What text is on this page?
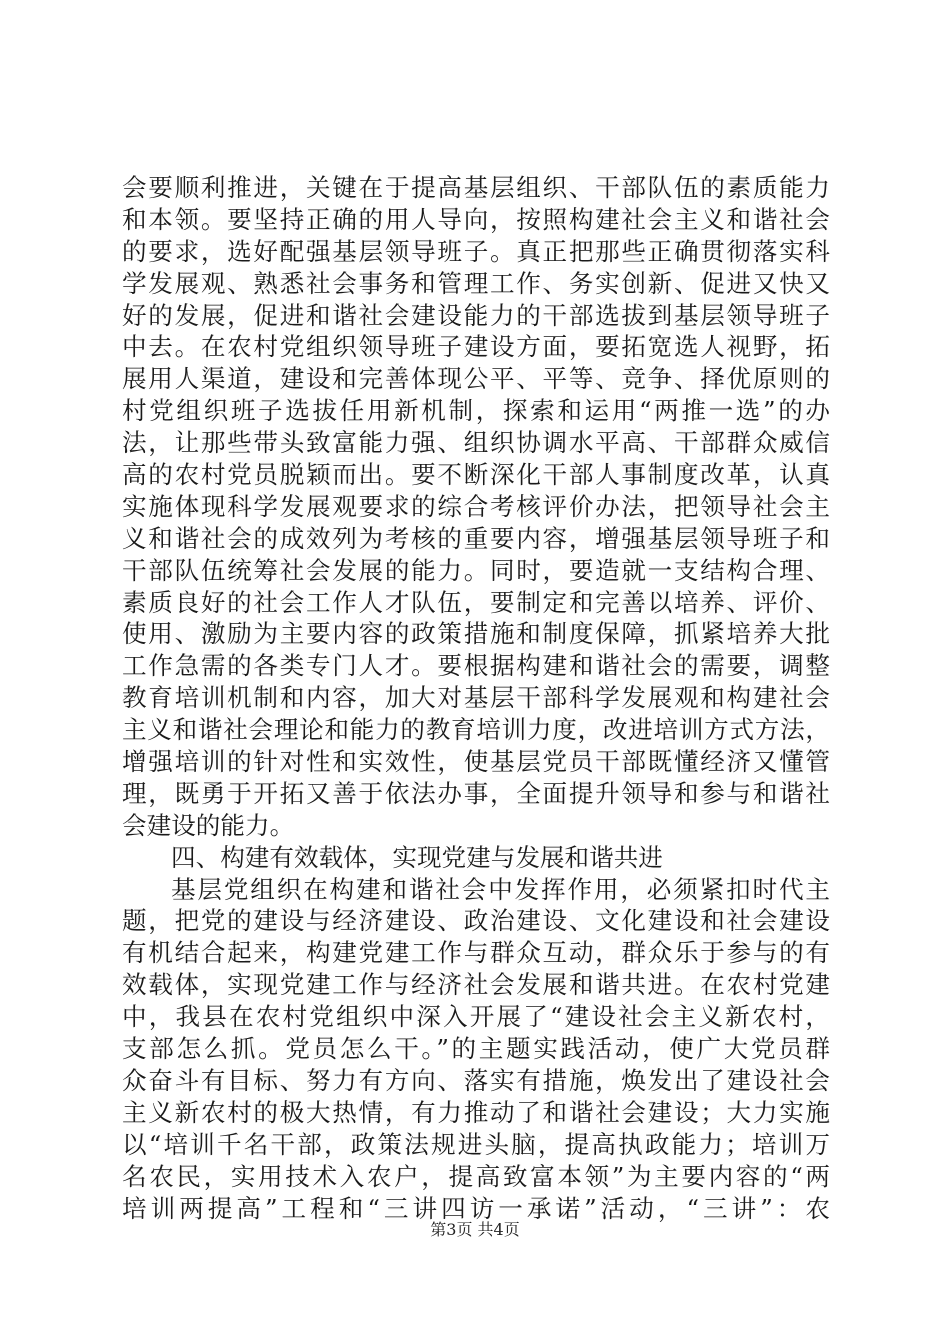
会要顺利推进，关键在于提高基层组织、干部队伍的素质能力
和本领。要坚持正确的用人导向，按照构建社会主义和谐社会
的要求，选好配强基层领导班子。真正把那些正确贯彻落实科
学发展观、熟悉社会事务和管理工作、务实创新、促进又快又
好的发展，促进和谐社会建设能力的干部选拔到基层领导班子
中去。在农村党组织领导班子建设方面，要拓宽选人视野，拓
展用人渠道，建设和完善体现公平、平等、竞争、择优原则的
村党组织班子选拔任用新机制，探索和运用“两推一选”的办
法，让那些带头致富能力强、组织协调水平高、干部群众威信
高的农村党员脱颖而出。要不断深化干部人事制度改革，认真
实施体现科学发展观要求的综合考核评价办法，把领导社会主
义和谐社会的成效列为考核的重要内容，增强基层领导班子和
干部队伍统筹社会发展的能力。同时，要造就一支结构合理、
素质良好的社会工作人才队伍，要制定和完善以培养、评价、
使用、激励为主要内容的政策措施和制度保障，抓紧培养大批
工作急需的各类专门人才。要根据构建和谐社会的需要，调整
教育培训机制和内容，加大对基层干部科学发展观和构建社会
主义和谐社会理论和能力的教育培训力度，改进培训方式方法，
增强培训的针对性和实效性，使基层党员干部既懂经济又懂管
理，既勇于开拓又善于依法办事，全面提升领导和参与和谐社
会建设的能力。
四、构建有效载体，实现党建与发展和谐共进
基层党组织在构建和谐社会中发挥作用，必须紧扣时代主
题，把党的建设与经济建设、政治建设、文化建设和社会建设
有机结合起来，构建党建工作与群众互动，群众乐于参与的有
效载体，实现党建工作与经济社会发展和谐共进。在农村党建
中，我县在农村党组织中深入开展了“建设社会主义新农村，
支部怎么抓。党员怎么干。”的主题实践活动，使广大党员群
众奋斗有目标、努力有方向、落实有措施，焕发出了建设社会
主义新农村的极大热情，有力推动了和谐社会建设；大力实施
以“培训千名干部，政策法规进头脑，提高执政能力；培训万
名农民，实用技术入农户，提高致富本领”为主要内容的“两
培训两提高”工程和“三讲四访一承诺”活动，“三讲”：农
第3页 共4页
